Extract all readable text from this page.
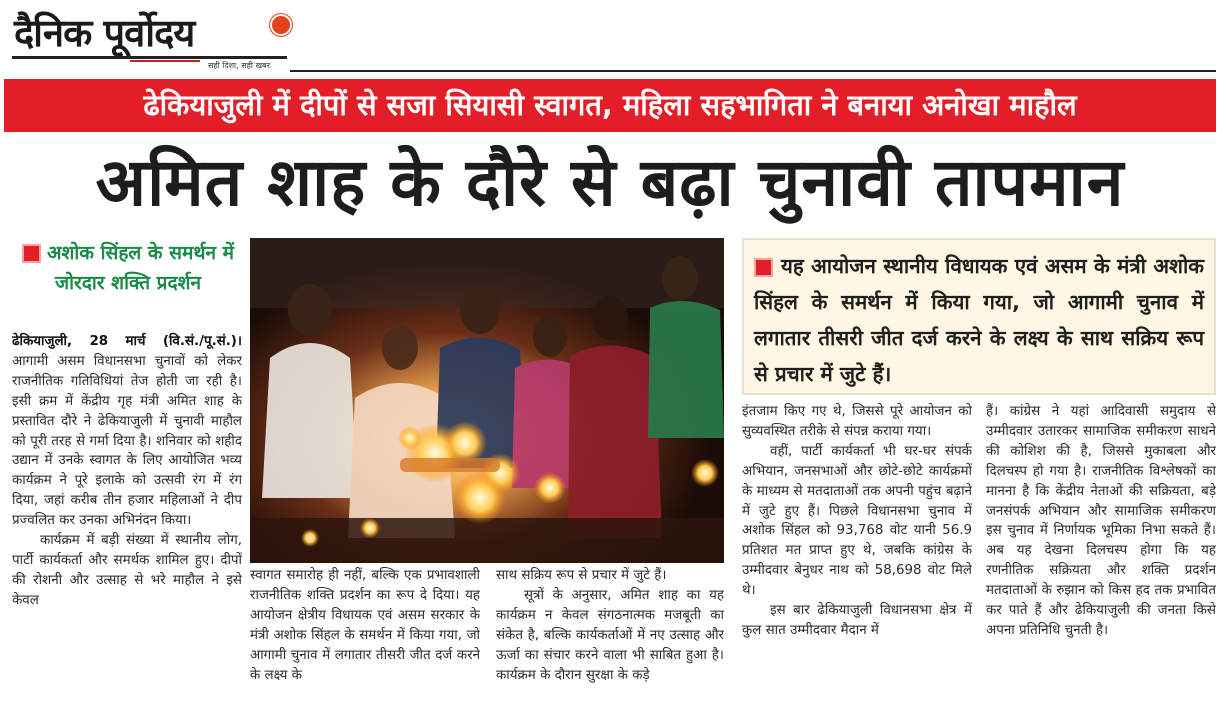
दैनिक पूर्वोदय
सही दिशा, सही खबर
ढेकियाजुली में दीपों से सजा सियासी स्वागत, महिला सहभागिता ने बनाया अनोखा माहौल
अमित शाह के दौरे से बढ़ा चुनावी तापमान
अशोक सिंहल के समर्थन में जोरदार शक्ति प्रदर्शन

ढेकियाजुली, 28 मार्च (वि.सं./पू.सं.)। आगामी असम विधानसभा चुनावों को लेकर राजनीतिक गतिविधियां तेज होती जा रही है। इसी क्रम में केंद्रीय गृह मंत्री अमित शाह के प्रस्तावित दौरे ने ढेकियाजुली में चुनावी माहौल को पूरी तरह से गर्मा दिया है। शनिवार को शहीद उद्यान में उनके स्वागत के लिए आयोजित भव्य कार्यक्रम ने पूरे इलाके को उत्सवी रंग में रंग दिया, जहां करीब तीन हजार महिलाओं ने दीप प्रज्वलित कर उनका अभिनंदन किया।

कार्यक्रम में बड़ी संख्या में स्थानीय लोग, पार्टी कार्यकर्ता और समर्थक शामिल हुए। दीपों की रोशनी और उत्साह से भरे माहौल ने इसे केवल

स्वागत समारोह ही नहीं, बल्कि एक प्रभावशाली राजनीतिक शक्ति प्रदर्शन का रूप दे दिया। यह आयोजन क्षेत्रीय विधायक एवं असम सरकार के मंत्री अशोक सिंहल के समर्थन में किया गया, जो आगामी चुनाव में लगातार तीसरी जीत दर्ज करने के लक्ष्य के

साथ सक्रिय रूप से प्रचार में जुटे हैं।

सूत्रों के अनुसार, अमित शाह का यह कार्यक्रम न केवल संगठनात्मक मजबूती का संकेत है, बल्कि कार्यकर्ताओं में नए उत्साह और ऊर्जा का संचार करने वाला भी साबित हुआ है। कार्यक्रम के दौरान सुरक्षा के कड़े

यह आयोजन स्थानीय विधायक एवं असम के मंत्री अशोक सिंहल के समर्थन में किया गया, जो आगामी चुनाव में लगातार तीसरी जीत दर्ज करने के लक्ष्य के साथ सक्रिय रूप से प्रचार में जुटे हैं।

इंतजाम किए गए थे, जिससे पूरे आयोजन को सुव्यवस्थित तरीके से संपन्न कराया गया।

वहीं, पार्टी कार्यकर्ता भी घर-घर संपर्क अभियान, जनसभाओं और छोटे-छोटे कार्यक्रमों के माध्यम से मतदाताओं तक अपनी पहुंच बढ़ाने में जुटे हुए हैं। पिछले विधानसभा चुनाव में अशोक सिंहल को 93,768 वोट यानी 56.9 प्रतिशत मत प्राप्त हुए थे, जबकि कांग्रेस के उम्मीदवार बेनुधर नाथ को 58,698 वोट मिले थे।

इस बार ढेकियाजुली विधानसभा क्षेत्र में कुल सात उम्मीदवार मैदान में

हैं। कांग्रेस ने यहां आदिवासी समुदाय से उम्मीदवार उतारकर सामाजिक समीकरण साधने की कोशिश की है, जिससे मुकाबला और दिलचस्प हो गया है। राजनीतिक विश्लेषकों का मानना है कि केंद्रीय नेताओं की सक्रियता, बड़े जनसंपर्क अभियान और सामाजिक समीकरण इस चुनाव में निर्णायक भूमिका निभा सकते हैं। अब यह देखना दिलचस्प होगा कि यह रणनीतिक सक्रियता और शक्ति प्रदर्शन मतदाताओं के रुझान को किस हद तक प्रभावित कर पाते हैं और ढेकियाजुली की जनता किसे अपना प्रतिनिधि चुनती है।
